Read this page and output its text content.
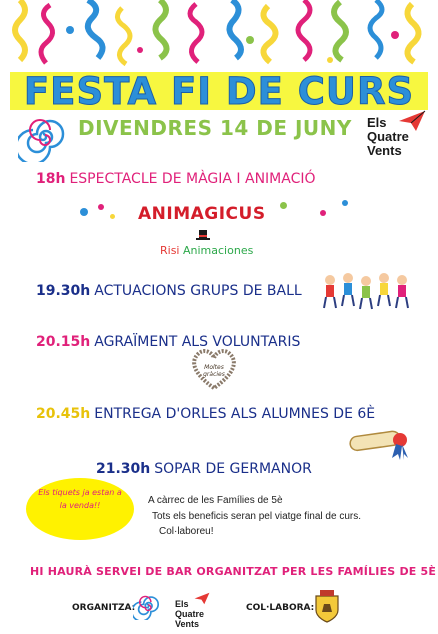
FESTA FI DE CURS
DIVENDRES 14 DE JUNY Els
Quatre
Vents
18h ESPECTACLE DE MÀGIA I ANIMACIÓ
ANIMAGICUS
Risi Animaciones
19.30h ACTUACIONS GRUPS DE BALL
20.15h AGRAÏMENT ALS VOLUNTARIS
Moltes gràcies
20.45h ENTREGA D'ORLES ALS ALUMNES DE 6È
21.30h SOPAR DE GERMANOR
Els tiquets ja estan a la venda!!	A càrrec de les Famílies de 5è
Tots els beneficis seran pel viatge final de curs.
Col·laboreu!
HI HAURÀ SERVEI DE BAR ORGANITZAT PER LES FAMÍLIES DE 5È
ORGANITZA:	Els
Quatre
Vents
COL·LABORA:
